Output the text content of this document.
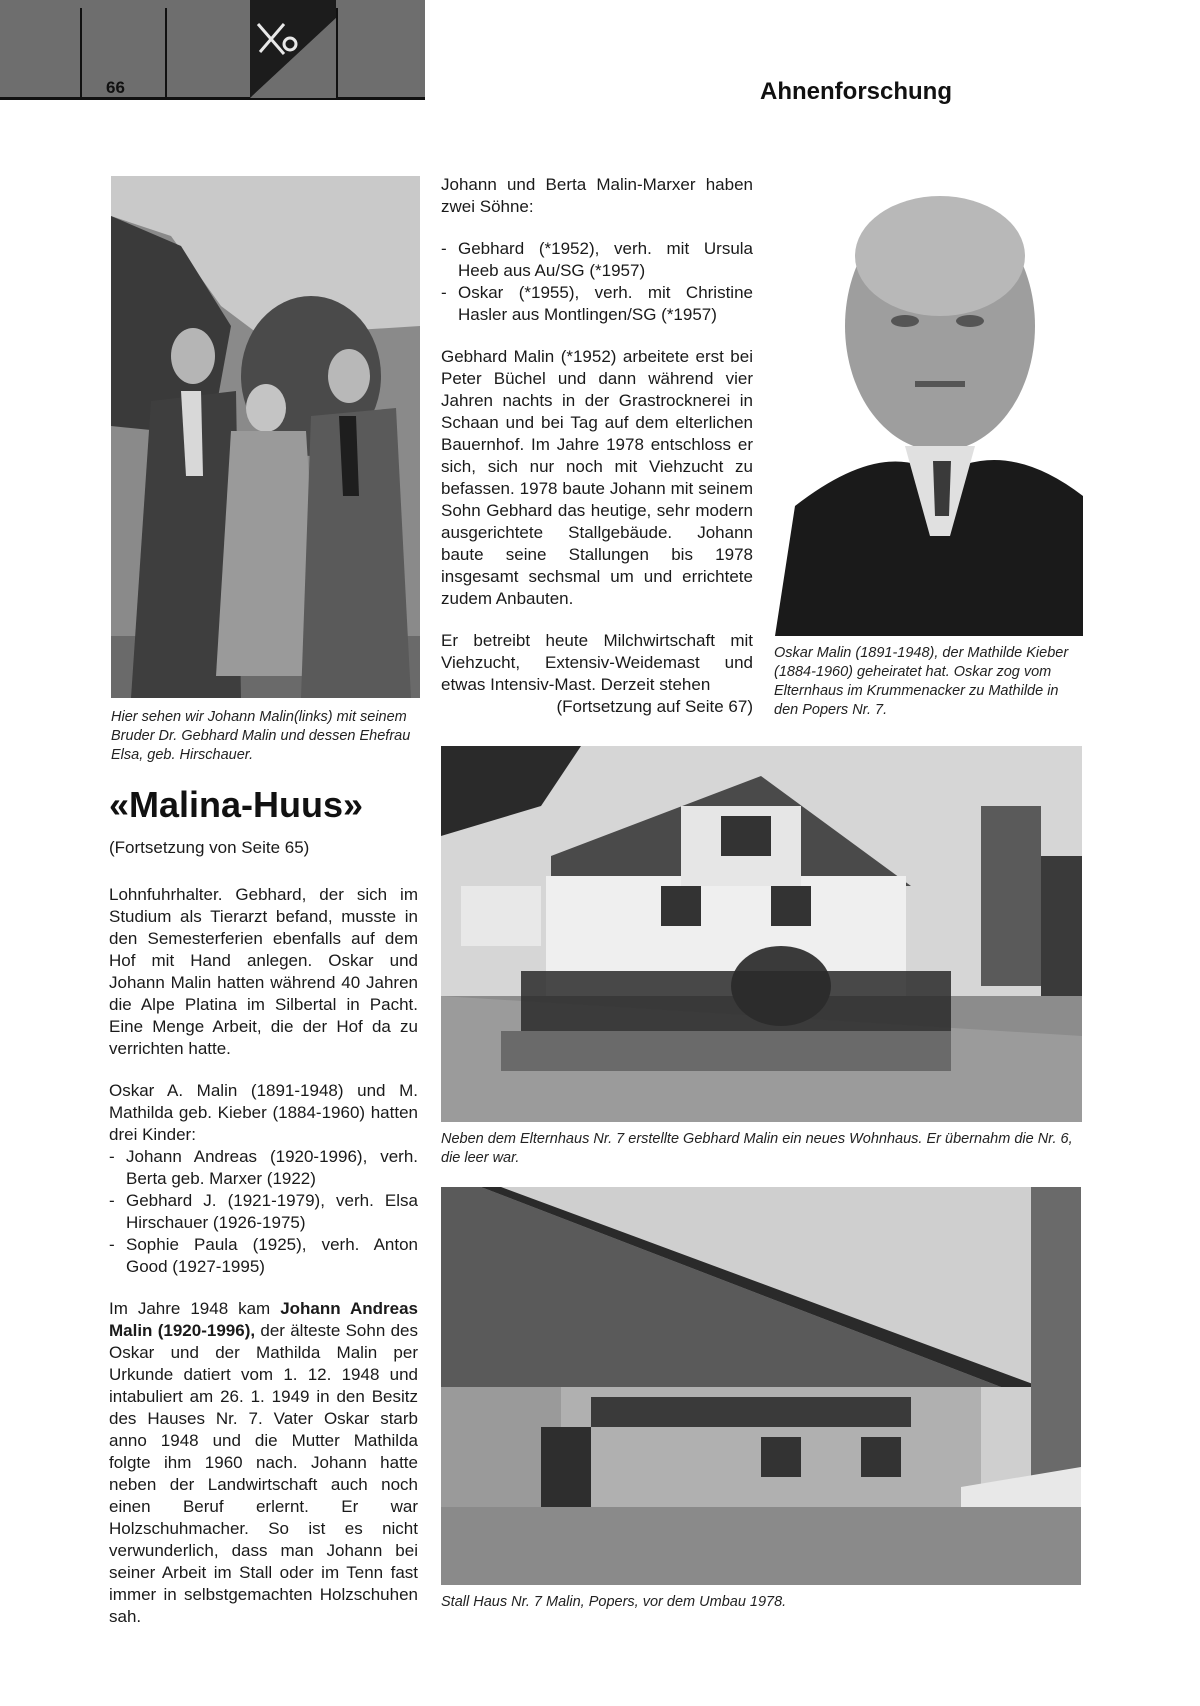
66	Ahnenforschung
Hier sehen wir Johann Malin(links) mit seinem Bruder Dr. Gebhard Malin und dessen Ehefrau Elsa, geb. Hirschauer.
«Malina-Huus»
(Fortsetzung von Seite 65)

Lohnfuhrhalter. Gebhard, der sich im Studium als Tierarzt befand, musste in den Semesterferien ebenfalls auf dem Hof mit Hand anlegen. Oskar und Johann Malin hatten während 40 Jahren die Alpe Platina im Silbertal in Pacht. Eine Menge Arbeit, die der Hof da zu verrichten hatte.

Oskar A. Malin (1891-1948) und M. Mathilda geb. Kieber (1884-1960) hatten drei Kinder:

- Johann Andreas (1920-1996), verh. Berta geb. Marxer (1922)
- Gebhard J. (1921-1979), verh. Elsa Hirschauer (1926-1975)
- Sophie Paula (1925), verh. Anton Good (1927-1995)

Im Jahre 1948 kam Johann Andreas Malin (1920-1996), der älteste Sohn des Oskar und der Mathilda Malin per Urkunde datiert vom 1. 12. 1948 und intabuliert am 26. 1. 1949 in den Besitz des Hauses Nr. 7. Vater Oskar starb anno 1948 und die Mutter Mathilda folgte ihm 1960 nach. Johann hatte neben der Landwirtschaft auch noch einen Beruf erlernt. Er war Holzschuhmacher. So ist es nicht verwunderlich, dass man Johann bei seiner Arbeit im Stall oder im Tenn fast immer in selbstgemachten Holzschuhen sah.

Johann und Berta Malin-Marxer haben zwei Söhne:

- Gebhard (*1952), verh. mit Ursula Heeb aus Au/SG (*1957)
- Oskar (*1955), verh. mit Christine Hasler aus Montlingen/SG (*1957)

Gebhard Malin (*1952) arbeitete erst bei Peter Büchel und dann während vier Jahren nachts in der Grastrocknerei in Schaan und bei Tag auf dem elterlichen Bauernhof. Im Jahre 1978 entschloss er sich, sich nur noch mit Viehzucht zu befassen. 1978 baute Johann mit seinem Sohn Gebhard das heutige, sehr modern ausgerichtete Stallgebäude. Johann baute seine Stallungen bis 1978 insgesamt sechsmal um und errichtete zudem Anbauten.

Er betreibt heute Milchwirtschaft mit Viehzucht, Extensiv-Weidemast und etwas Intensiv-Mast. Derzeit stehen

(Fortsetzung auf Seite 67)
Oskar Malin (1891-1948), der Mathilde Kieber (1884-1960) geheiratet hat. Oskar zog vom Elternhaus im Krummenacker zu Mathilde in den Popers Nr. 7.
Neben dem Elternhaus Nr. 7 erstellte Gebhard Malin ein neues Wohnhaus. Er übernahm die Nr. 6, die leer war.
Stall Haus Nr. 7 Malin, Popers, vor dem Umbau 1978.
